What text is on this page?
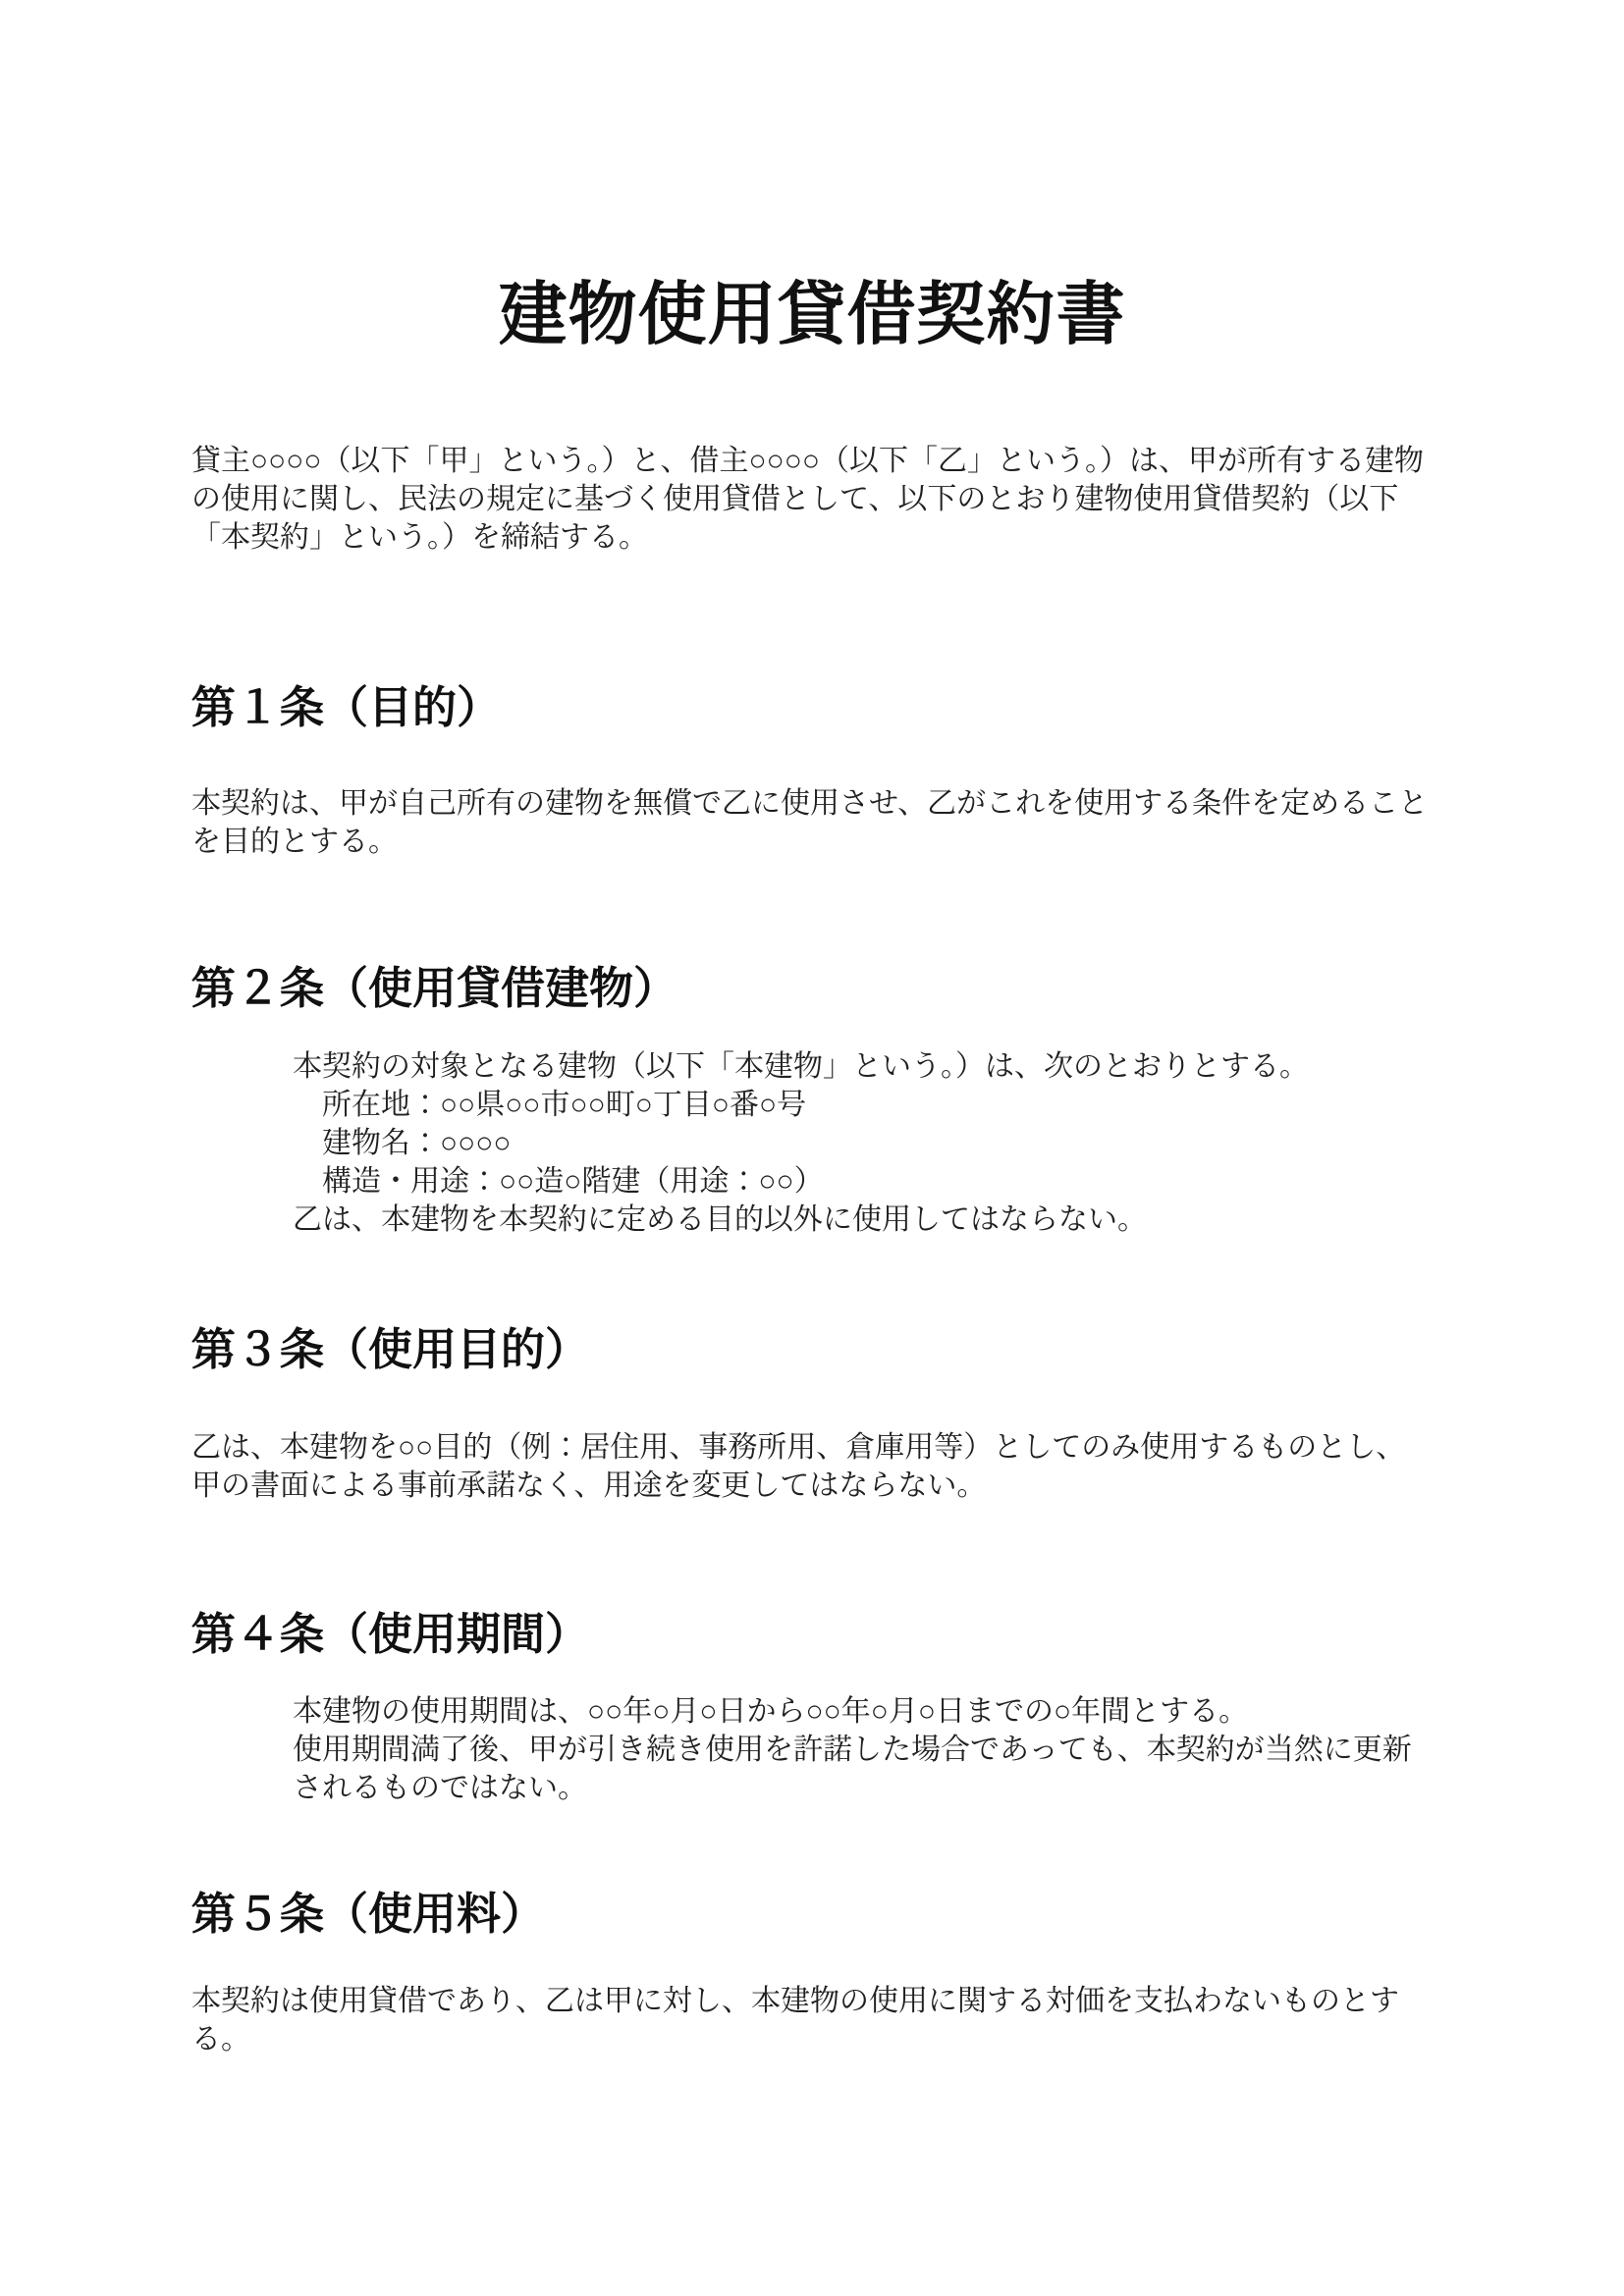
建物使用貸借契約書

貸主○○○○（以下「甲」という。）と、借主○○○○（以下「乙」という。）は、甲が所有する建物の使用に関し、民法の規定に基づく使用貸借として、以下のとおり建物使用貸借契約（以下「本契約」という。）を締結する。

第１条（目的）

本契約は、甲が自己所有の建物を無償で乙に使用させ、乙がこれを使用する条件を定めることを目的とする。

第２条（使用貸借建物）

本契約の対象となる建物（以下「本建物」という。）は、次のとおりとする。

所在地：○○県○○市○○町○丁目○番○号

建物名：○○○○

構造・用途：○○造○階建（用途：○○）

乙は、本建物を本契約に定める目的以外に使用してはならない。

第３条（使用目的）

乙は、本建物を○○目的（例：居住用、事務所用、倉庫用等）としてのみ使用するものとし、甲の書面による事前承諾なく、用途を変更してはならない。

第４条（使用期間）

本建物の使用期間は、○○年○月○日から○○年○月○日までの○年間とする。

使用期間満了後、甲が引き続き使用を許諾した場合であっても、本契約が当然に更新されるものではない。

第５条（使用料）

本契約は使用貸借であり、乙は甲に対し、本建物の使用に関する対価を支払わないものとする。
